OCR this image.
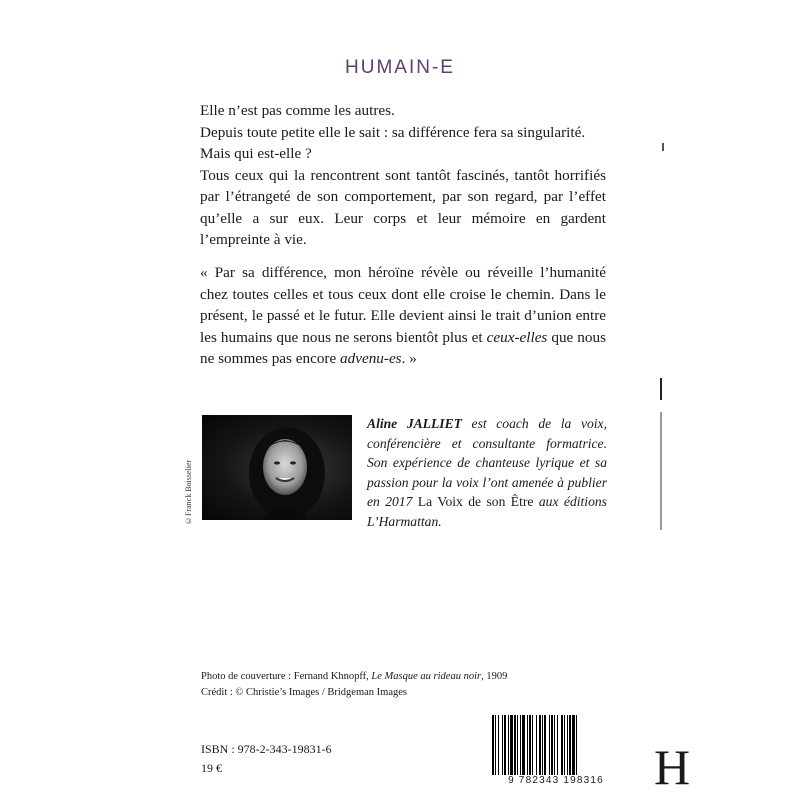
HUMAIN-E

Elle n’est pas comme les autres.

Depuis toute petite elle le sait : sa différence fera sa singularité.

Mais qui est-elle ?

Tous ceux qui la rencontrent sont tantôt fascinés, tantôt horrifiés par l’étrangeté de son comportement, par son regard, par l’effet qu’elle a sur eux. Leur corps et leur mémoire en gardent l’empreinte à vie.

« Par sa différence, mon héroïne révèle ou réveille l’humanité chez toutes celles et tous ceux dont elle croise le chemin. Dans le présent, le passé et le futur. Elle devient ainsi le trait d’union entre les humains que nous ne serons bientôt plus et ceux-elles que nous ne sommes pas encore advenu-es. »

©Franck Boisselier

Aline JALLIET est coach de la voix, conférencière et consultante formatrice. Son expérience de chanteuse lyrique et sa passion pour la voix l’ont amenée à publier en 2017 La Voix de son Être aux éditions L’Harmattan.

Photo de couverture : Fernand Khnopff, Le Masque au rideau noir, 1909

Crédit : © Christie’s Images / Bridgeman Images

ISBN : 978-2-343-19831-6

19 €

9 782343 198316	H
